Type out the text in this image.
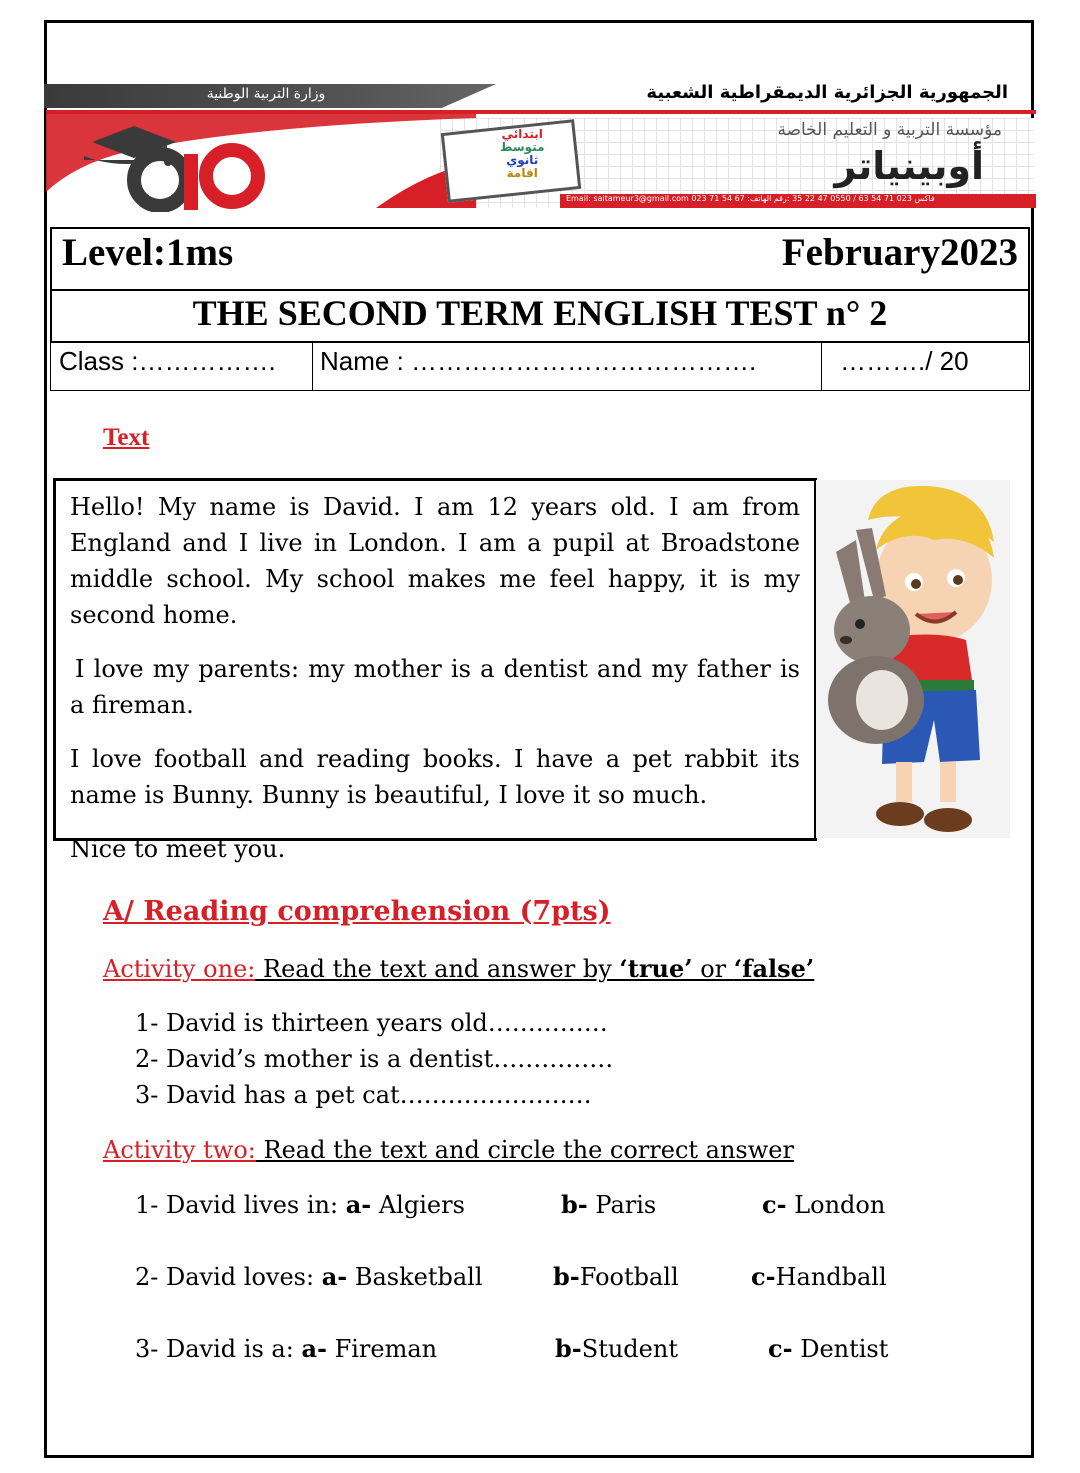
وزارة التربية الوطنية	الجمهورية الجزائرية الديمقراطية الشعبية
مؤسسة التربية و التعليم الخاصة
أوبينياتر
ابتدائي
متوسط
ثانوي
اقامة
Email: saitameur3@gmail.com 023 71 54 67 :فاكس 023 71 54 63 / 0550 47 22 35 :رقم الهاتف
Level:1ms	February2023
THE SECOND TERM ENGLISH TEST n° 2
Class :……………. Name : ………………………………….	………./ 20
Text

Hello! My name is David. I am 12 years old. I am from England and I live in London. I am a pupil at Broadstone middle school. My school makes me feel happy, it is my second home.

I love my parents: my mother is a dentist and my father is a fireman.

I love football and reading books. I have a pet rabbit its name is Bunny. Bunny is beautiful, I love it so much.

Nice to meet you.

A/ Reading comprehension (7pts)
Activity one: Read the text and answer by ‘true’ or ‘false’
1- David is thirteen years old……………
2- David’s mother is a dentist……………
3- David has a pet cat……………………
Activity two: Read the text and circle the correct answer
1- David lives in: a- Algiers	b- Paris	c- London
2- David loves: a- Basketball	b-Football	c-Handball
3- David is a: a- Fireman	b-Student	c- Dentist
